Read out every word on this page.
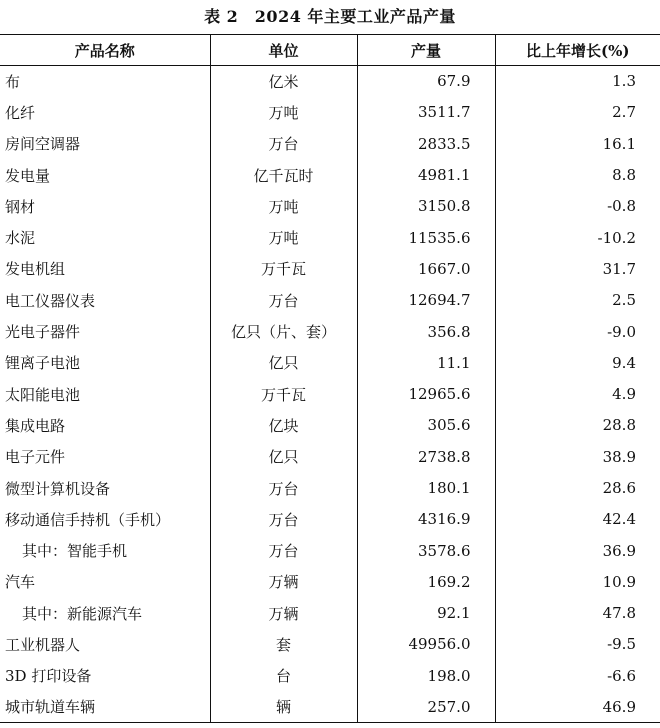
表 2　2024 年主要工业产品产量
产品名称	单位	产量	比上年增长(%)
布	亿米	67.9	1.3
化纤	万吨	3511.7	2.7
房间空调器	万台	2833.5	16.1
发电量	亿千瓦时	4981.1	8.8
钢材	万吨	3150.8	-0.8
水泥	万吨	11535.6	-10.2
发电机组	万千瓦	1667.0	31.7
电工仪器仪表	万台	12694.7	2.5
光电子器件	亿只（片、套）	356.8	-9.0
锂离子电池	亿只	11.1	9.4
太阳能电池	万千瓦	12965.6	4.9
集成电路	亿块	305.6	28.8
电子元件	亿只	2738.8	38.9
微型计算机设备	万台	180.1	28.6
移动通信手持机（手机）	万台	4316.9	42.4
其中：智能手机	万台	3578.6	36.9
汽车	万辆	169.2	10.9
其中：新能源汽车	万辆	92.1	47.8
工业机器人	套	49956.0	-9.5
3D 打印设备	台	198.0	-6.6
城市轨道车辆	辆	257.0	46.9
